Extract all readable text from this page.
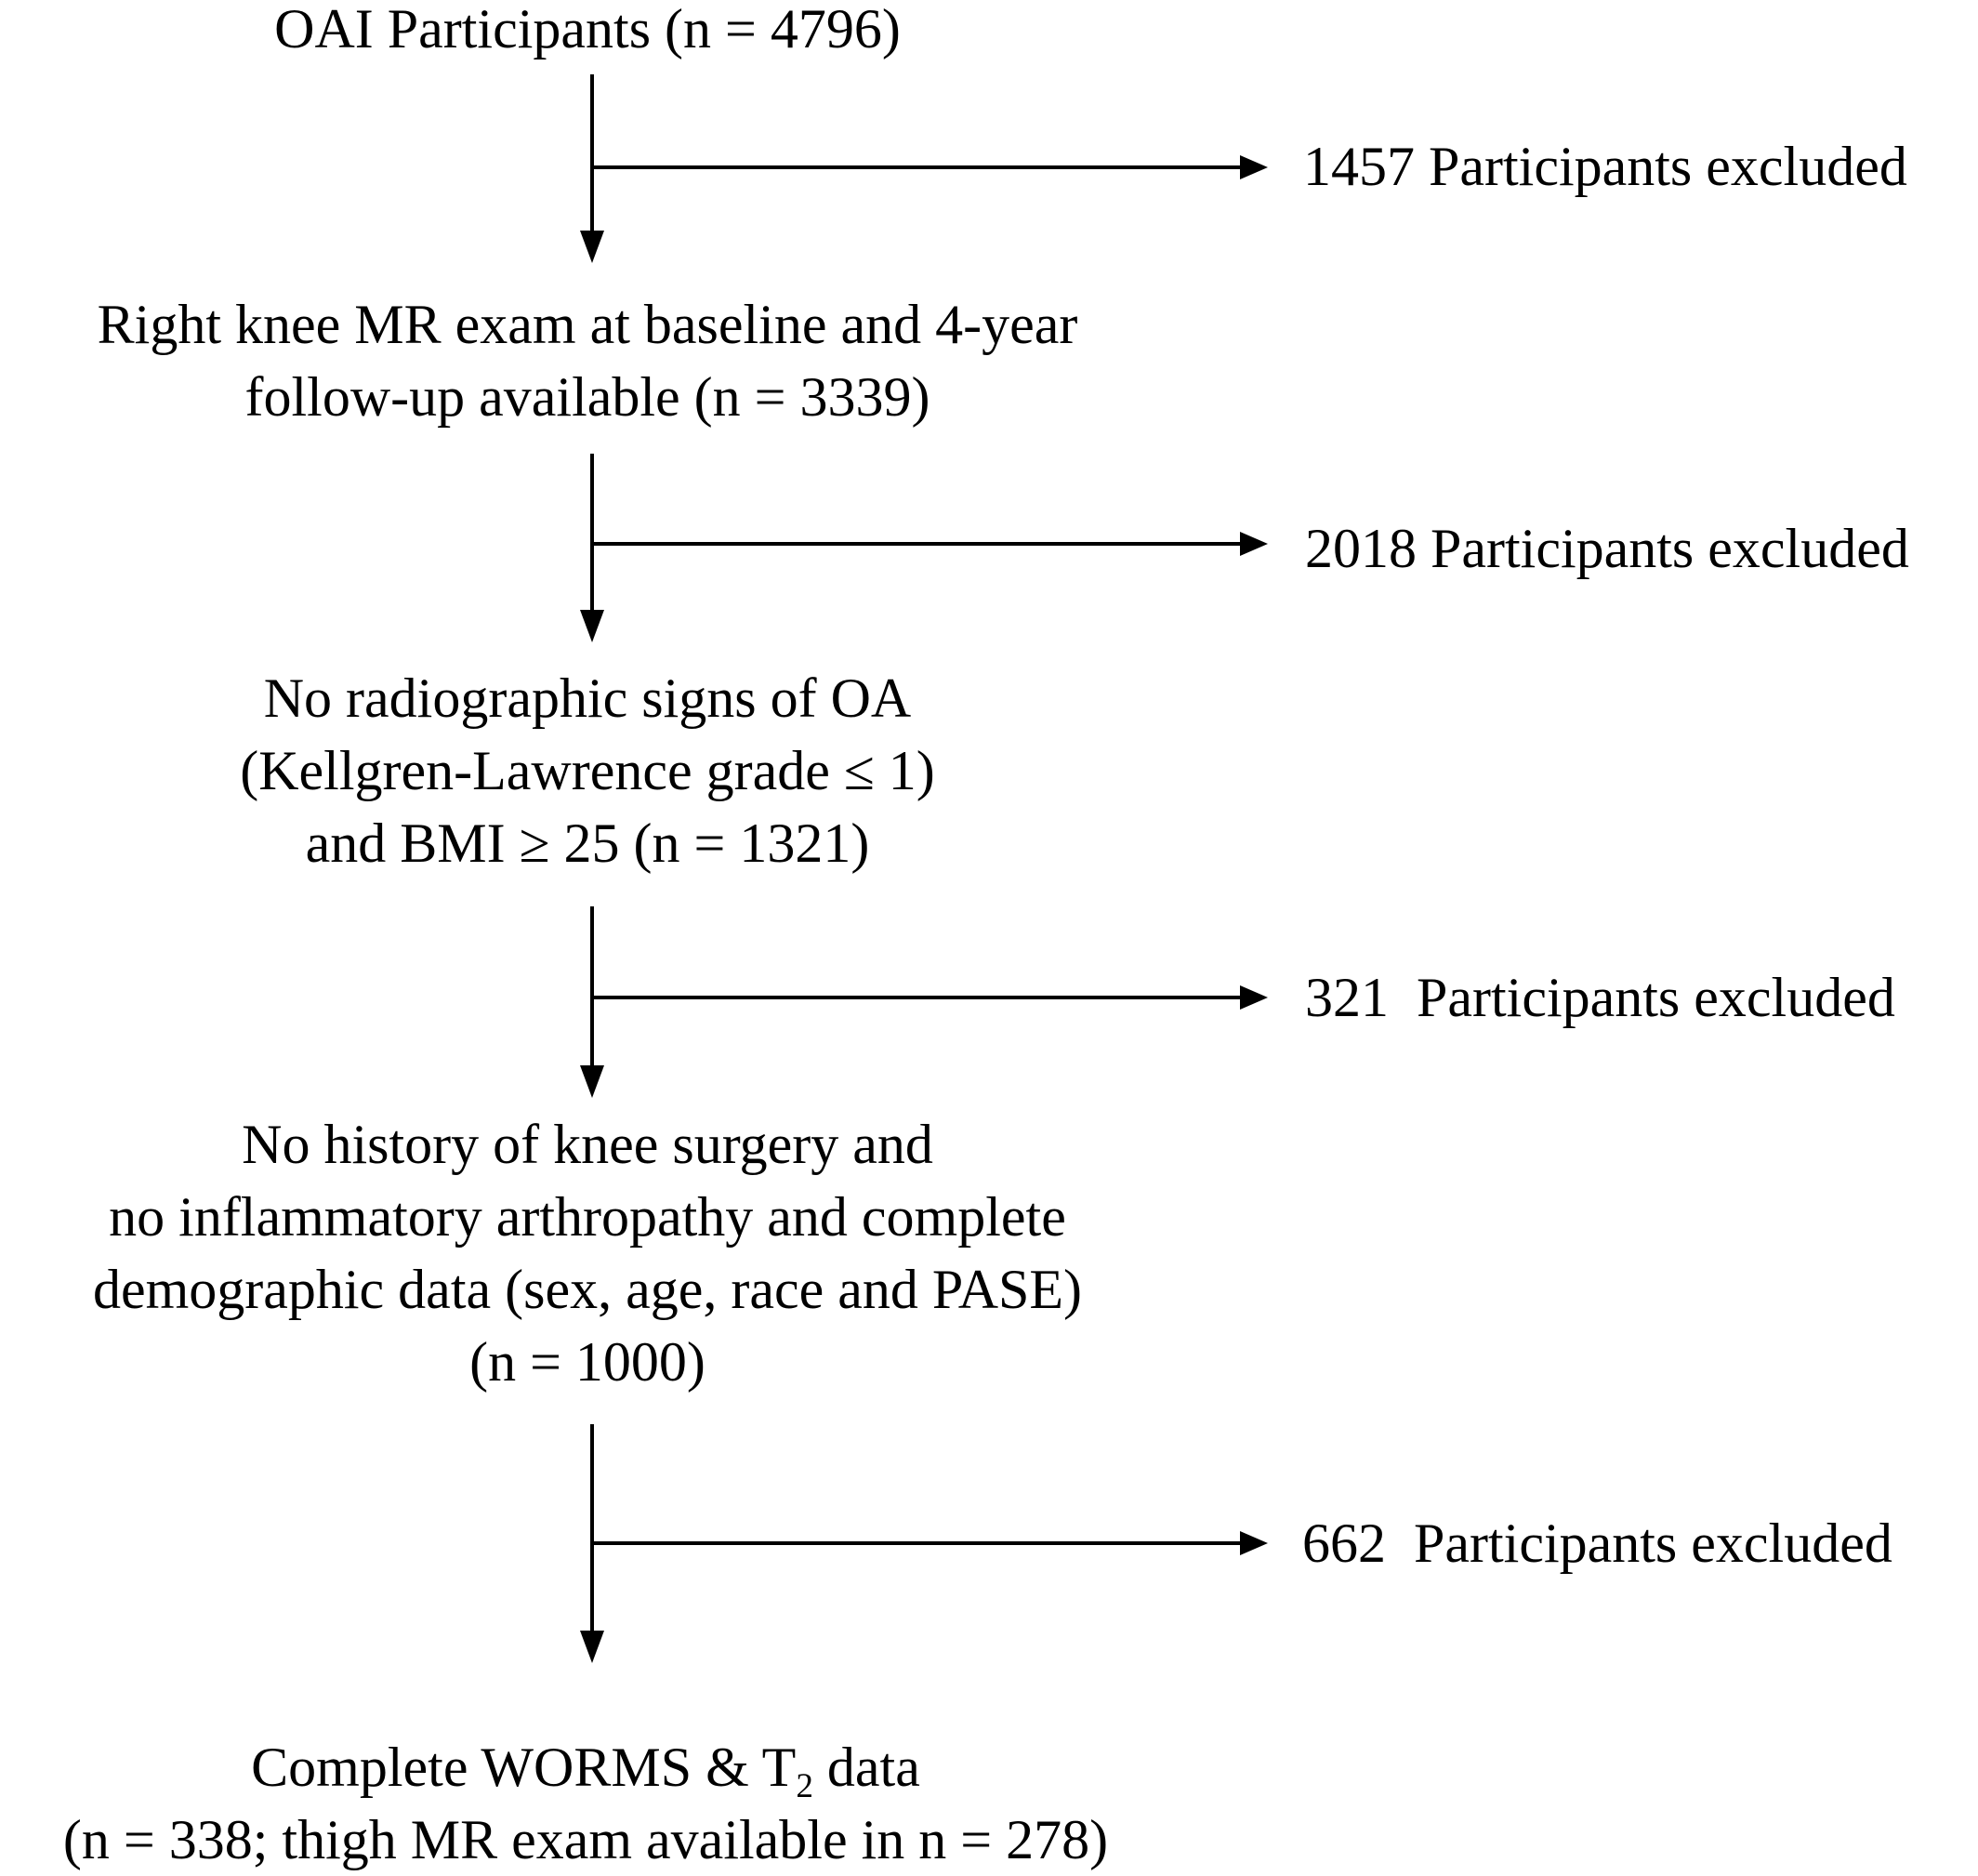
OAI Participants (n = 4796)
Right knee MR exam at baseline and 4-year
follow-up available (n = 3339)
No radiographic signs of OA
(Kellgren-Lawrence grade ≤ 1)
and BMI ≥ 25 (n = 1321)
No history of knee surgery and
no inflammatory arthropathy and complete
demographic data (sex, age, race and PASE)
(n = 1000)
Complete WORMS & $T_2$ data
(n = 338; thigh MR exam available in n = 278)
1457 Participants excluded
2018 Participants excluded
321  Participants excluded
662  Participants excluded
